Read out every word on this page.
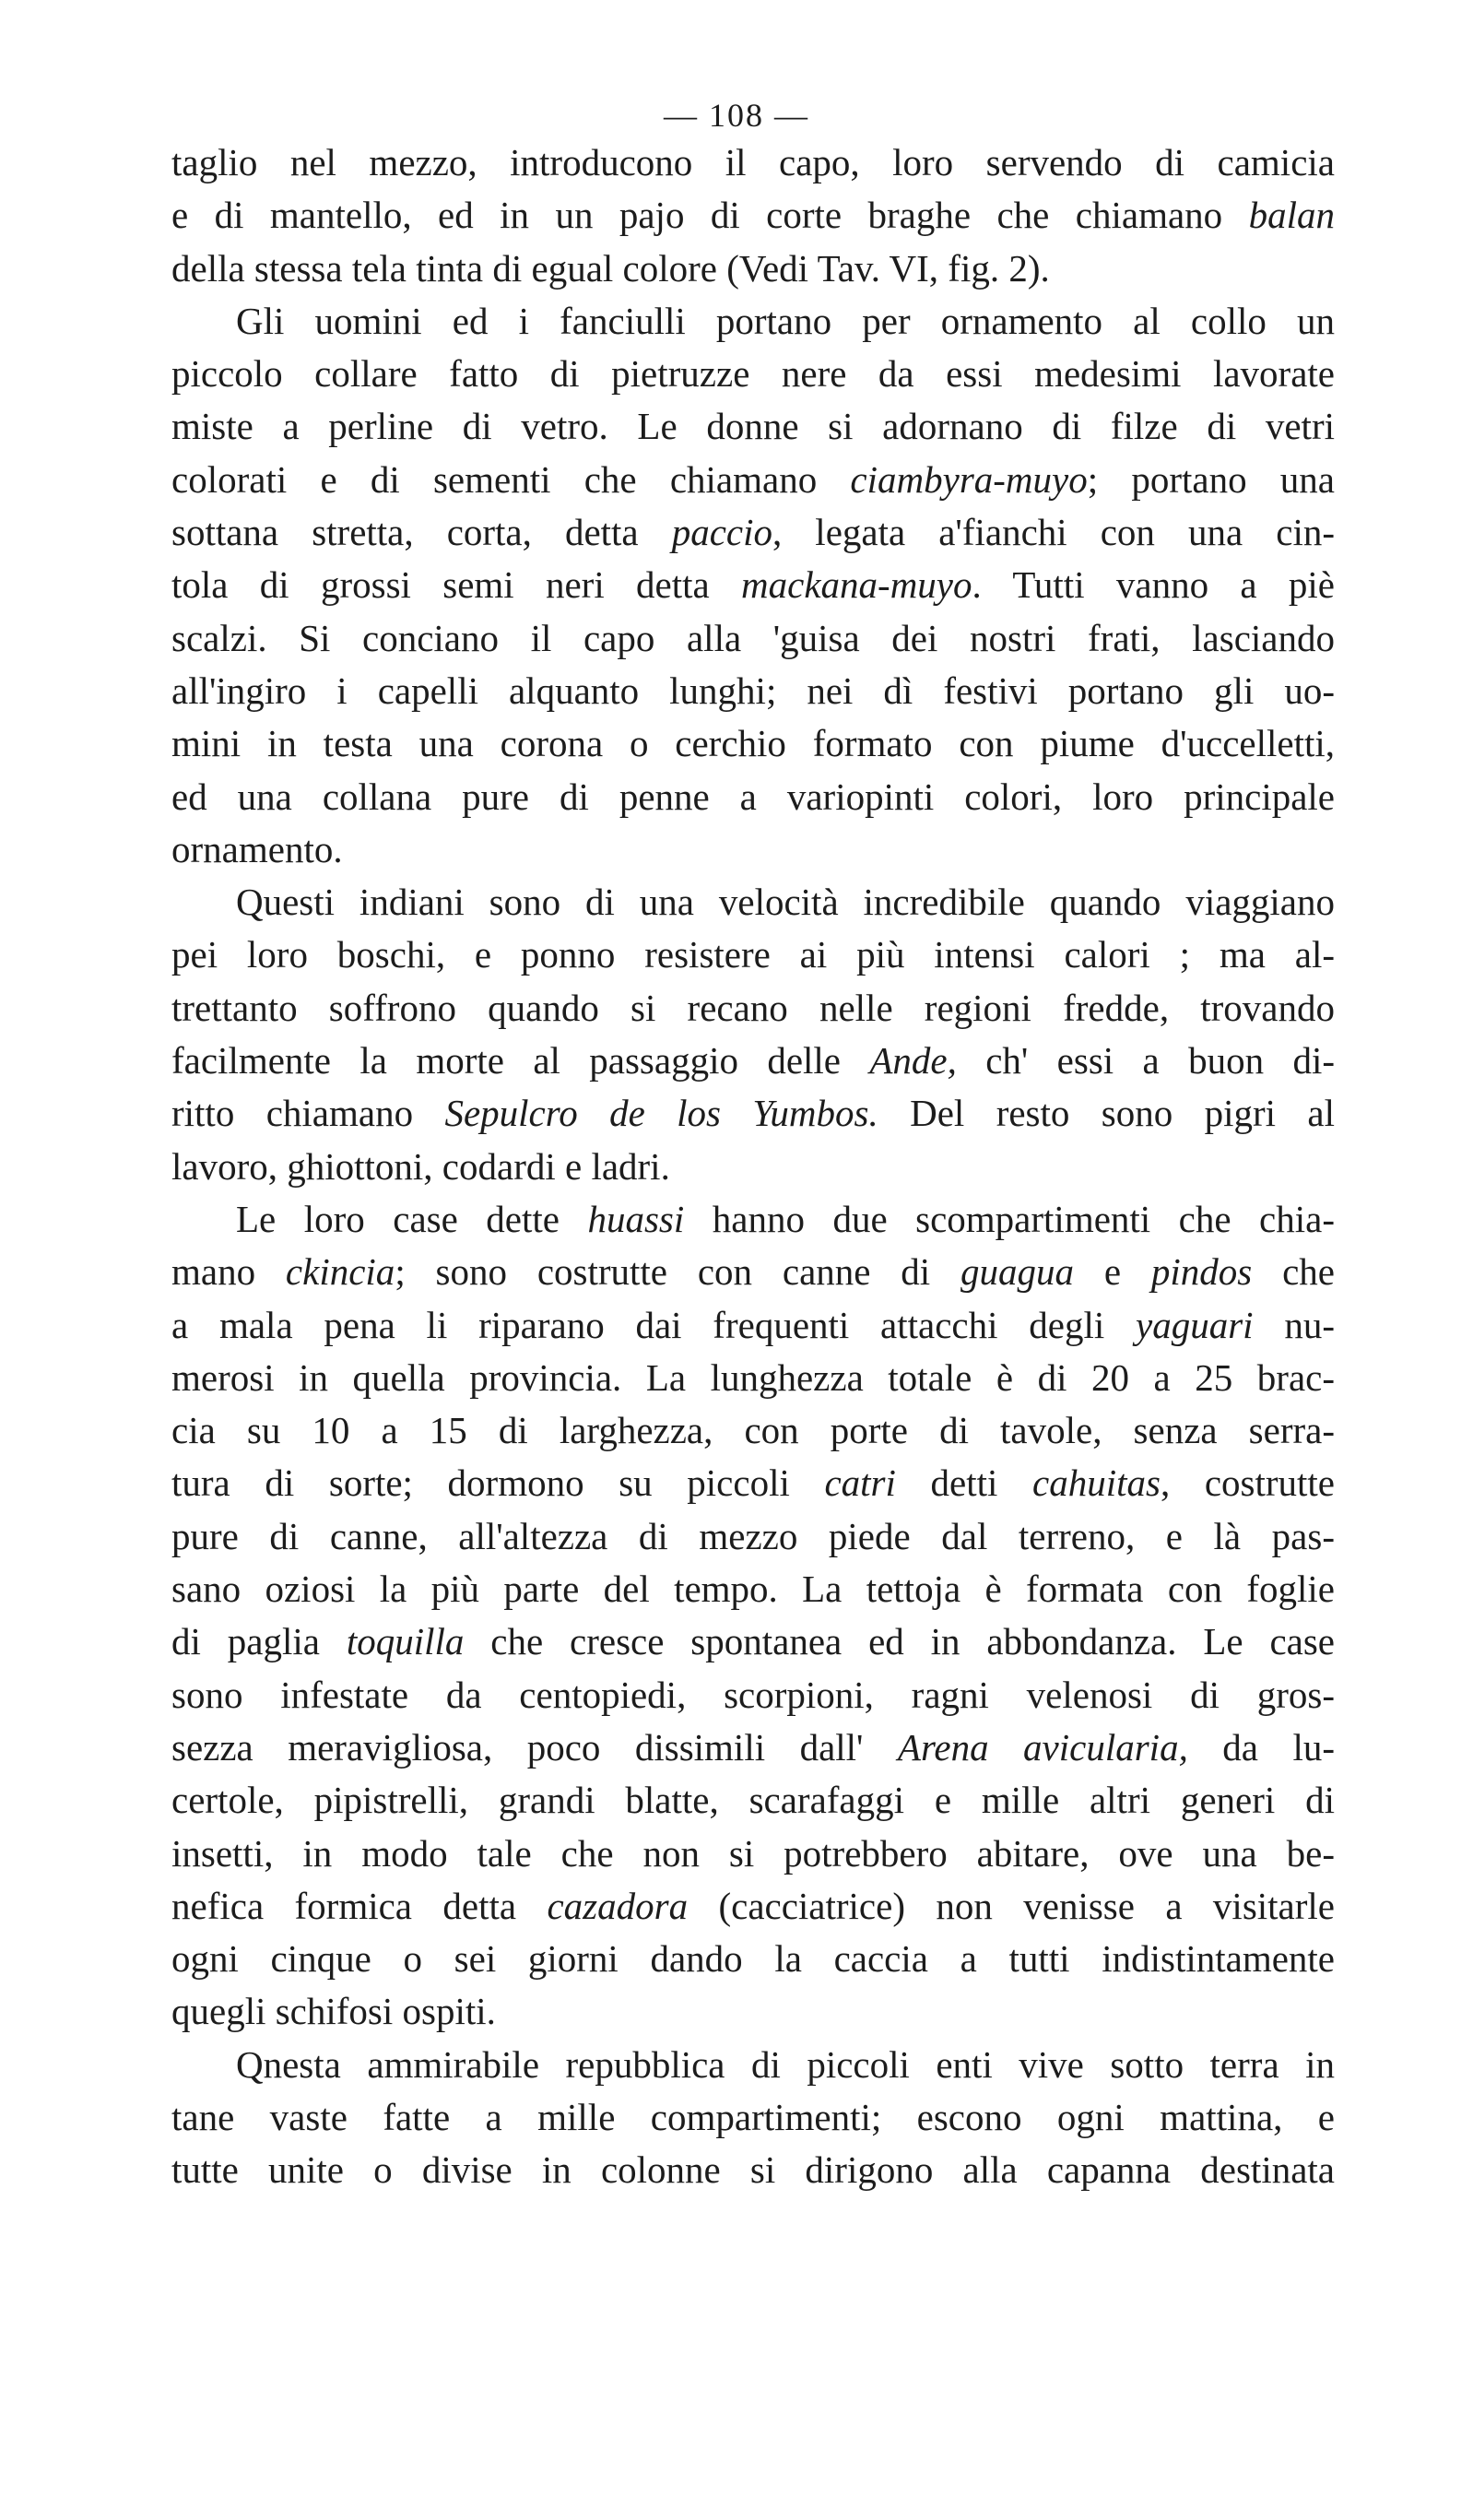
— 108 —

taglio nel mezzo, introducono il capo, loro servendo di camicia

e di mantello, ed in un pajo di corte braghe che chiamano balan

della stessa tela tinta di egual colore (Vedi Tav. VI, fig. 2).

Gli uomini ed i fanciulli portano per ornamento al collo un

piccolo collare fatto di pietruzze nere da essi medesimi lavorate

miste a perline di vetro. Le donne si adornano di filze di vetri

colorati e di sementi che chiamano ciambyra-muyo; portano una

sottana stretta, corta, detta paccio, legata a'fianchi con una cin-

tola di grossi semi neri detta mackana-muyo. Tutti vanno a piè

scalzi. Si conciano il capo alla 'guisa dei nostri frati, lasciando

all'ingiro i capelli alquanto lunghi; nei dì festivi portano gli uo-

mini in testa una corona o cerchio formato con piume d'uccelletti,

ed una collana pure di penne a variopinti colori, loro principale

ornamento.

Questi indiani sono di una velocità incredibile quando viaggiano

pei loro boschi, e ponno resistere ai più intensi calori ; ma al-

trettanto soffrono quando si recano nelle regioni fredde, trovando

facilmente la morte al passaggio delle Ande, ch' essi a buon di-

ritto chiamano Sepulcro de los Yumbos. Del resto sono pigri al

lavoro, ghiottoni, codardi e ladri.

Le loro case dette huassi hanno due scompartimenti che chia-

mano ckincia; sono costrutte con canne di guagua e pindos che

a mala pena li riparano dai frequenti attacchi degli yaguari nu-

merosi in quella provincia. La lunghezza totale è di 20 a 25 brac-

cia su 10 a 15 di larghezza, con porte di tavole, senza serra-

tura di sorte; dormono su piccoli catri detti cahuitas, costrutte

pure di canne, all'altezza di mezzo piede dal terreno, e là pas-

sano oziosi la più parte del tempo. La tettoja è formata con foglie

di paglia toquilla che cresce spontanea ed in abbondanza. Le case

sono infestate da centopiedi, scorpioni, ragni velenosi di gros-

sezza meravigliosa, poco dissimili dall' Arena avicularia, da lu-

certole, pipistrelli, grandi blatte, scarafaggi e mille altri generi di

insetti, in modo tale che non si potrebbero abitare, ove una be-

nefica formica detta cazadora (cacciatrice) non venisse a visitarle

ogni cinque o sei giorni dando la caccia a tutti indistintamente

quegli schifosi ospiti.

Qnesta ammirabile repubblica di piccoli enti vive sotto terra in

tane vaste fatte a mille compartimenti; escono ogni mattina, e

tutte unite o divise in colonne si dirigono alla capanna destinata
